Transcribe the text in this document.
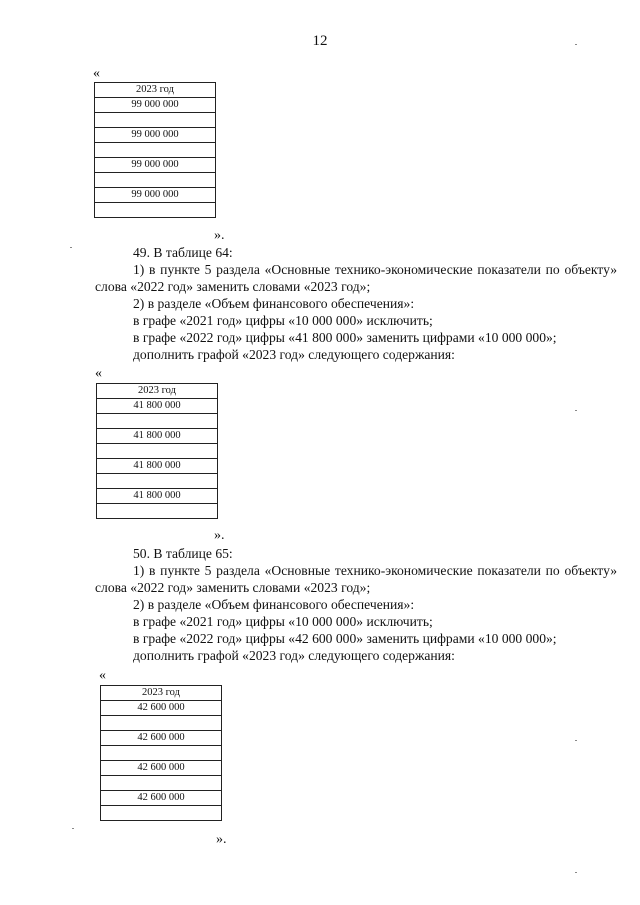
12
«
2023 год
99 000 000

99 000 000

99 000 000

99 000 000

».

49. В таблице 64:

1) в пункте 5 раздела «Основные технико-экономические показатели по объекту» слова «2022 год» заменить словами «2023 год»;

2) в разделе «Объем финансового обеспечения»:

в графе «2021 год» цифры «10 000 000» исключить;

в графе «2022 год» цифры «41 800 000» заменить цифрами «10 000 000»;

дополнить графой «2023 год» следующего содержания:

«
2023 год
41 800 000

41 800 000

41 800 000

41 800 000

».

50. В таблице 65:

1) в пункте 5 раздела «Основные технико-экономические показатели по объекту» слова «2022 год» заменить словами «2023 год»;

2) в разделе «Объем финансового обеспечения»:

в графе «2021 год» цифры «10 000 000» исключить;

в графе «2022 год» цифры «42 600 000» заменить цифрами «10 000 000»;

дополнить графой «2023 год» следующего содержания:

«
2023 год
42 600 000

42 600 000

42 600 000

42 600 000

».
